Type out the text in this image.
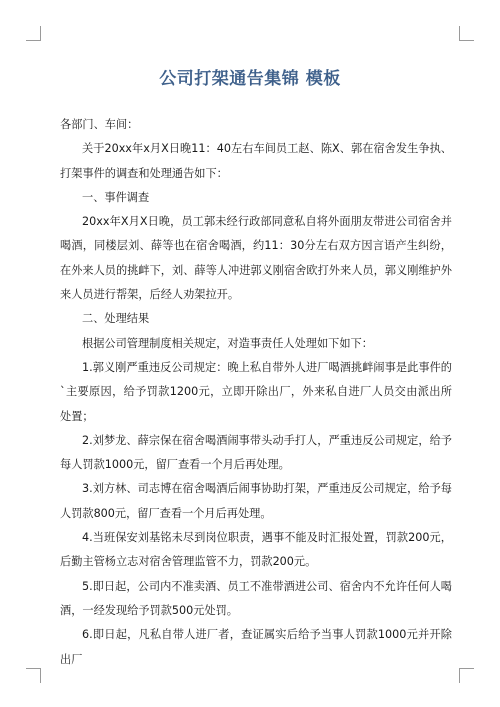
公司打架通告集锦 模板

各部门、车间：

关于20xx年x月X日晚11：40左右车间员工赵、陈X、郭在宿舍发生争执、打架事件的调查和处理通告如下：

一、事件调查

20xx年X月X日晚，员工郭未经行政部同意私自将外面朋友带进公司宿舍并喝酒，同楼层刘、薛等也在宿舍喝酒，约11：30分左右双方因言语产生纠纷，在外来人员的挑衅下，刘、薛等人冲进郭义刚宿舍欧打外来人员，郭义刚维护外来人员进行帮架，后经人劝架拉开。

二、处理结果

根据公司管理制度相关规定，对造事责任人处理如下如下：

1.郭义刚严重违反公司规定：晚上私自带外人进厂喝酒挑衅闹事是此事件的`主要原因，给予罚款1200元，立即开除出厂，外来私自进厂人员交由派出所处置；

2.刘梦龙、薛宗保在宿舍喝酒闹事带头动手打人，严重违反公司规定，给予每人罚款1000元，留厂查看一个月后再处理。

3.刘方林、司志博在宿舍喝酒后闹事协助打架，严重违反公司规定，给予每人罚款800元，留厂查看一个月后再处理。

4.当班保安刘基铭未尽到岗位职责，遇事不能及时汇报处置，罚款200元，后勤主管杨立志对宿舍管理监管不力，罚款200元。

5.即日起，公司内不准卖酒、员工不准带酒进公司、宿舍内不允许任何人喝酒，一经发现给予罚款500元处罚。

6.即日起，凡私自带人进厂者，查证属实后给予当事人罚款1000元并开除出厂
